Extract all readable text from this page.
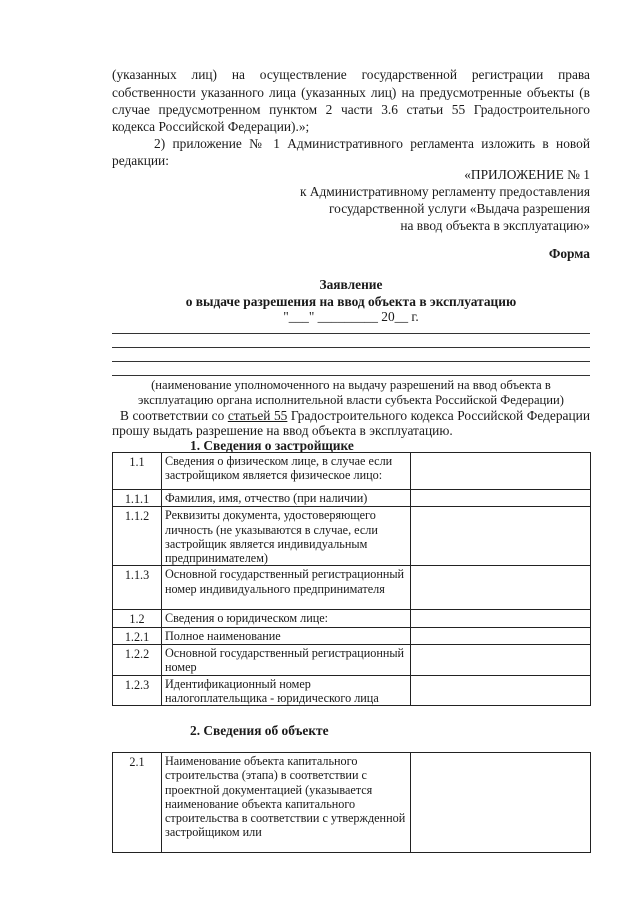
(указанных лиц) на осуществление государственной регистрации права
собственности указанного лица (указанных лиц) на предусмотренные объекты (в
случае предусмотренном пунктом 2 части 3.6 статьи 55 Градостроительного
кодекса Российской Федерации).»;
2) приложение № 1 Административного регламента изложить в новой
редакции:
«ПРИЛОЖЕНИЕ № 1
к Административному регламенту предоставления
государственной услуги «Выдача разрешения
на ввод объекта в эксплуатацию»
Форма
Заявление
о выдаче разрешения на ввод объекта в эксплуатацию
"___" _________ 20__ г.
(наименование уполномоченного на выдачу разрешений на ввод объекта в
эксплуатацию органа исполнительной власти субъекта Российской Федерации)
В соответствии со статьей 55 Градостроительного кодекса Российской Федерации
прошу выдать разрешение на ввод объекта в эксплуатацию.
1. Сведения о застройщике
1.1	Сведения о физическом лице, в случае если застройщиком является физическое лицо:	
1.1.1	Фамилия, имя, отчество (при наличии)	
1.1.2	Реквизиты документа, удостоверяющего личность (не указываются в случае, если застройщик является индивидуальным предпринимателем)	
1.1.3	Основной государственный регистрационный номер индивидуального предпринимателя	
1.2	Сведения о юридическом лице:	
1.2.1	Полное наименование	
1.2.2	Основной государственный регистрационный номер	
1.2.3	Идентификационный номер налогоплательщика - юридического лица	
2. Сведения об объекте
2.1	Наименование объекта капитального строительства (этапа) в соответствии с проектной документацией (указывается наименование объекта капитального строительства в соответствии с утвержденной застройщиком или	
